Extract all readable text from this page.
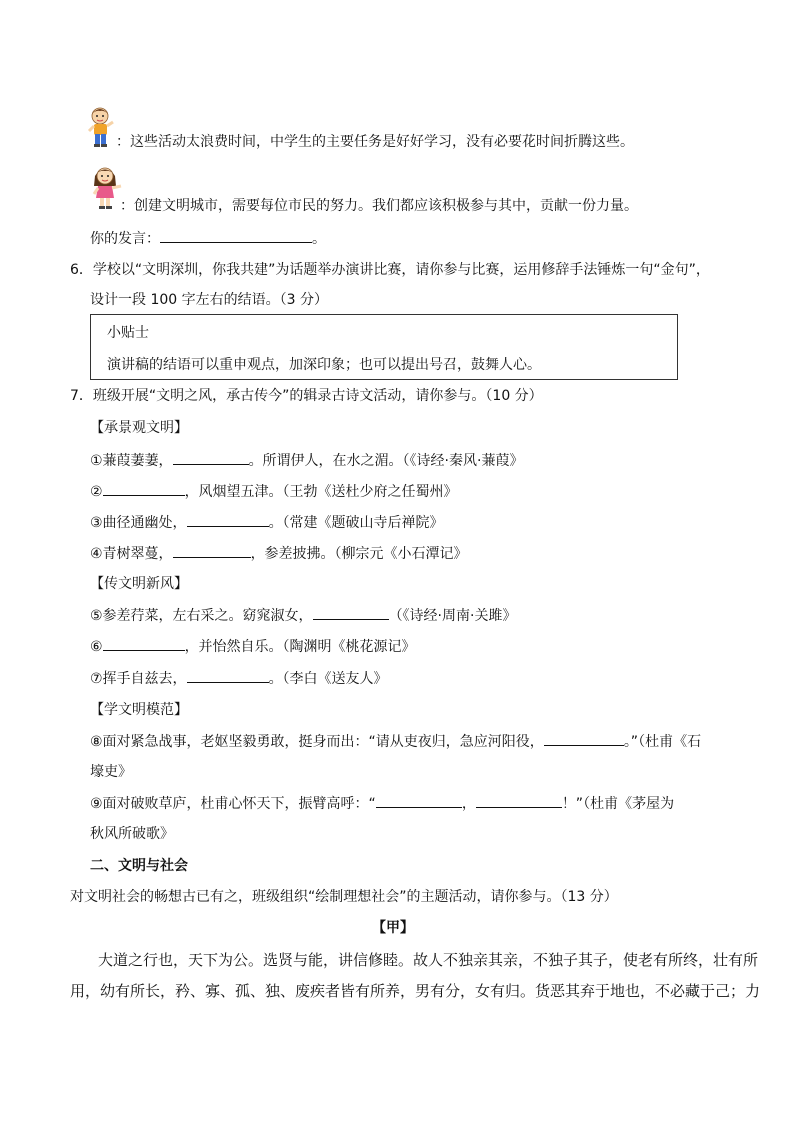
：这些活动太浪费时间，中学生的主要任务是好好学习，没有必要花时间折腾这些。
：创建文明城市，需要每位市民的努力。我们都应该积极参与其中，贡献一份力量。
你的发言：	。
6．学校以“文明深圳，你我共建”为话题举办演讲比赛，请你参与比赛，运用修辞手法锤炼一句“金句”，
设计一段 100 字左右的结语。（3 分）
小贴士
演讲稿的结语可以重申观点，加深印象；也可以提出号召，鼓舞人心。
7．班级开展“文明之风，承古传今”的辑录古诗文活动，请你参与。（10 分）
【承景观文明】
①蒹葭萋萋，	。所谓伊人，在水之湄。（《诗经·秦风·蒹葭》
②	，风烟望五津。（王勃《送杜少府之任蜀州》
③曲径通幽处，	。（常建《题破山寺后禅院》
④青树翠蔓，	，参差披拂。（柳宗元《小石潭记》
【传文明新风】
⑤参差荇菜，左右采之。窈窕淑女，	（《诗经·周南·关雎》
⑥	，并怡然自乐。（陶渊明《桃花源记》
⑦挥手自兹去，	。（李白《送友人》
【学文明模范】
⑧面对紧急战事，老妪坚毅勇敢，挺身而出：“请从吏夜归，急应河阳役，	。”（杜甫《石
壕吏》
⑨面对破败草庐，杜甫心怀天下，振臂高呼：“	，	！”（杜甫《茅屋为
秋风所破歌》
二、文明与社会
对文明社会的畅想古已有之，班级组织“绘制理想社会”的主题活动，请你参与。（13 分）
【甲】
大道之行也，天下为公。选贤与能，讲信修睦。故人不独亲其亲，不独子其子，使老有所终，壮有所
用，幼有所长，矜、寡、孤、独、废疾者皆有所养，男有分，女有归。货恶其弃于地也，不必藏于己；力
